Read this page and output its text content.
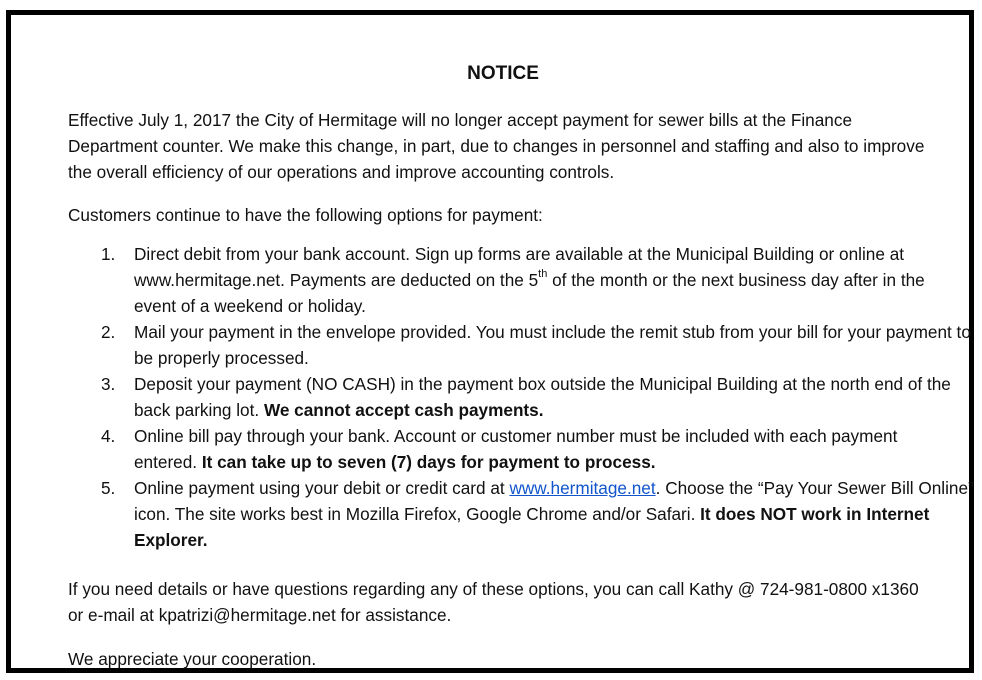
NOTICE
Effective July 1, 2017 the City of Hermitage will no longer accept payment for sewer bills at the Finance Department counter. We make this change, in part, due to changes in personnel and staffing and also to improve the overall efficiency of our operations and improve accounting controls.
Customers continue to have the following options for payment:
1. Direct debit from your bank account. Sign up forms are available at the Municipal Building or online at www.hermitage.net. Payments are deducted on the 5th of the month or the next business day after in the event of a weekend or holiday.
2. Mail your payment in the envelope provided. You must include the remit stub from your bill for your payment to be properly processed.
3. Deposit your payment (NO CASH) in the payment box outside the Municipal Building at the north end of the back parking lot. We cannot accept cash payments.
4. Online bill pay through your bank. Account or customer number must be included with each payment entered. It can take up to seven (7) days for payment to process.
5. Online payment using your debit or credit card at www.hermitage.net. Choose the “Pay Your Sewer Bill Online” icon. The site works best in Mozilla Firefox, Google Chrome and/or Safari. It does NOT work in Internet Explorer.
If you need details or have questions regarding any of these options, you can call Kathy @ 724-981-0800 x1360 or e-mail at kpatrizi@hermitage.net for assistance.
We appreciate your cooperation.
